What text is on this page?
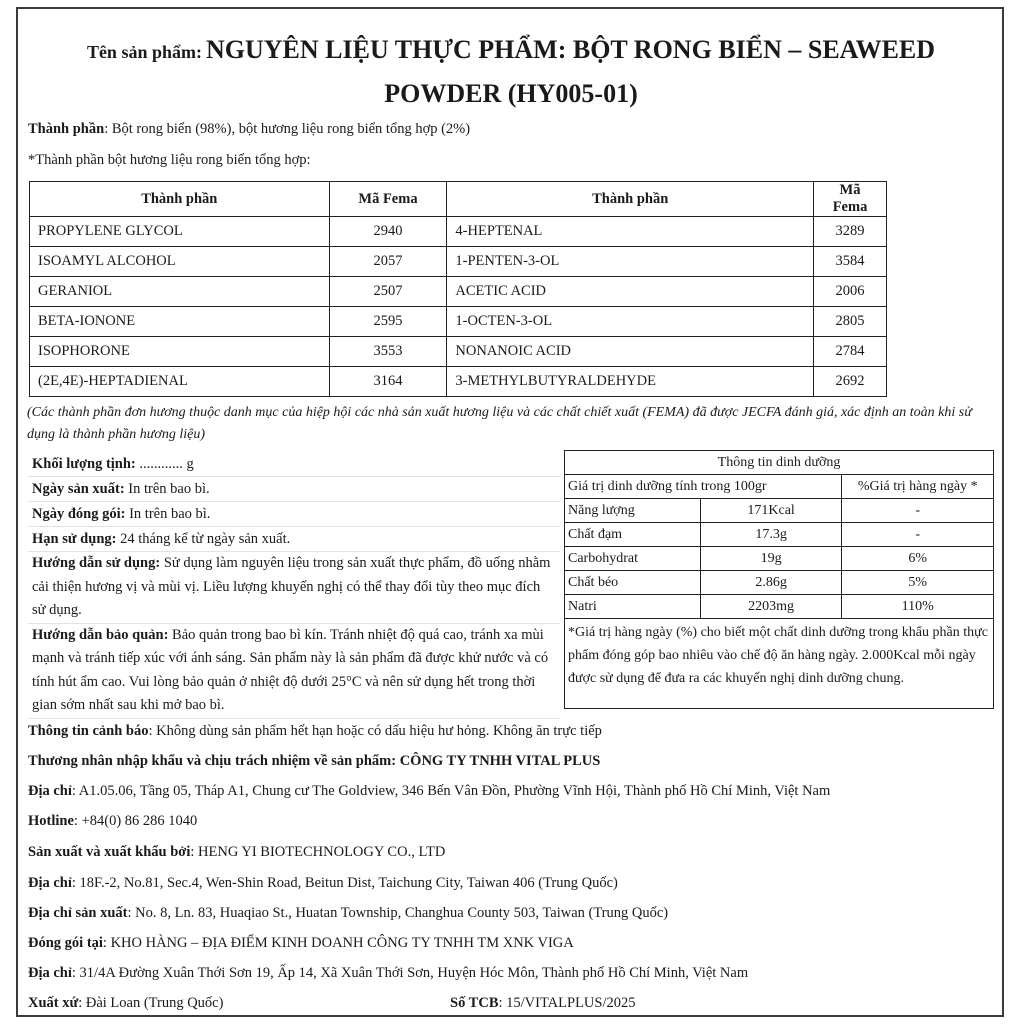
Tên sản phẩm: NGUYÊN LIỆU THỰC PHẨM: BỘT RONG BIỂN – SEAWEED
POWDER (HY005-01)
Thành phần: Bột rong biển (98%), bột hương liệu rong biển tổng hợp (2%)
*Thành phần bột hương liệu rong biển tổng hợp:
Thành phần	Mã Fema	Thành phần	Mã Fema
PROPYLENE GLYCOL	2940	4-HEPTENAL	3289
ISOAMYL ALCOHOL	2057	1-PENTEN-3-OL	3584
GERANIOL	2507	ACETIC ACID	2006
BETA-IONONE	2595	1-OCTEN-3-OL	2805
ISOPHORONE	3553	NONANOIC ACID	2784
(2E,4E)-HEPTADIENAL	3164	3-METHYLBUTYRALDEHYDE	2692
(Các thành phần đơn hương thuộc danh mục của hiệp hội các nhà sản xuất hương liệu và các chất chiết xuất (FEMA) đã được JECFA đánh giá, xác định an toàn khi sử dụng là thành phần hương liệu)
Khối lượng tịnh: ............ g
Ngày sản xuất: In trên bao bì.
Ngày đóng gói: In trên bao bì.
Hạn sử dụng: 24 tháng kể từ ngày sản xuất.
Hướng dẫn sử dụng: Sử dụng làm nguyên liệu trong sản xuất thực phẩm, đồ uống nhằm cải thiện hương vị và mùi vị. Liều lượng khuyến nghị có thể thay đổi tùy theo mục đích sử dụng.
Hướng dẫn bảo quản: Bảo quản trong bao bì kín. Tránh nhiệt độ quá cao, tránh xa mùi mạnh và tránh tiếp xúc với ánh sáng. Sản phẩm này là sản phẩm đã được khử nước và có tính hút ẩm cao. Vui lòng bảo quản ở nhiệt độ dưới 25°C và nên sử dụng hết trong thời gian sớm nhất sau khi mở bao bì.
Thông tin dinh dưỡng		
Giá trị dinh dưỡng tính trong 100gr		%Giá trị hàng ngày *
Năng lượng	171Kcal	-
Chất đạm	17.3g	-
Carbohydrat	19g	6%
Chất béo	2.86g	5%
Natri	2203mg	110%
*Giá trị hàng ngày (%) cho biết một chất dinh dưỡng trong khẩu phần thực phẩm đóng góp bao nhiêu vào chế độ ăn hàng ngày. 2.000Kcal mỗi ngày được sử dụng để đưa ra các khuyến nghị dinh dưỡng chung.		
Thông tin cảnh báo: Không dùng sản phẩm hết hạn hoặc có dấu hiệu hư hỏng. Không ăn trực tiếp
Thương nhân nhập khẩu và chịu trách nhiệm về sản phẩm: CÔNG TY TNHH VITAL PLUS
Địa chỉ: A1.05.06, Tầng 05, Tháp A1, Chung cư The Goldview, 346 Bến Vân Đồn, Phường Vĩnh Hội, Thành phố Hồ Chí Minh, Việt Nam
Hotline: +84(0) 86 286 1040
Sản xuất và xuất khẩu bởi: HENG YI BIOTECHNOLOGY CO., LTD
Địa chỉ: 18F.-2, No.81, Sec.4, Wen-Shin Road, Beitun Dist, Taichung City, Taiwan 406 (Trung Quốc)
Địa chỉ sản xuất: No. 8, Ln. 83, Huaqiao St., Huatan Township, Changhua County 503, Taiwan (Trung Quốc)
Đóng gói tại: KHO HÀNG – ĐỊA ĐIỂM KINH DOANH CÔNG TY TNHH TM XNK VIGA
Địa chỉ: 31/4A Đường Xuân Thới Sơn 19, Ấp 14, Xã Xuân Thới Sơn, Huyện Hóc Môn, Thành phố Hồ Chí Minh, Việt Nam
Xuất xứ: Đài Loan (Trung Quốc)	Số TCB: 15/VITALPLUS/2025
